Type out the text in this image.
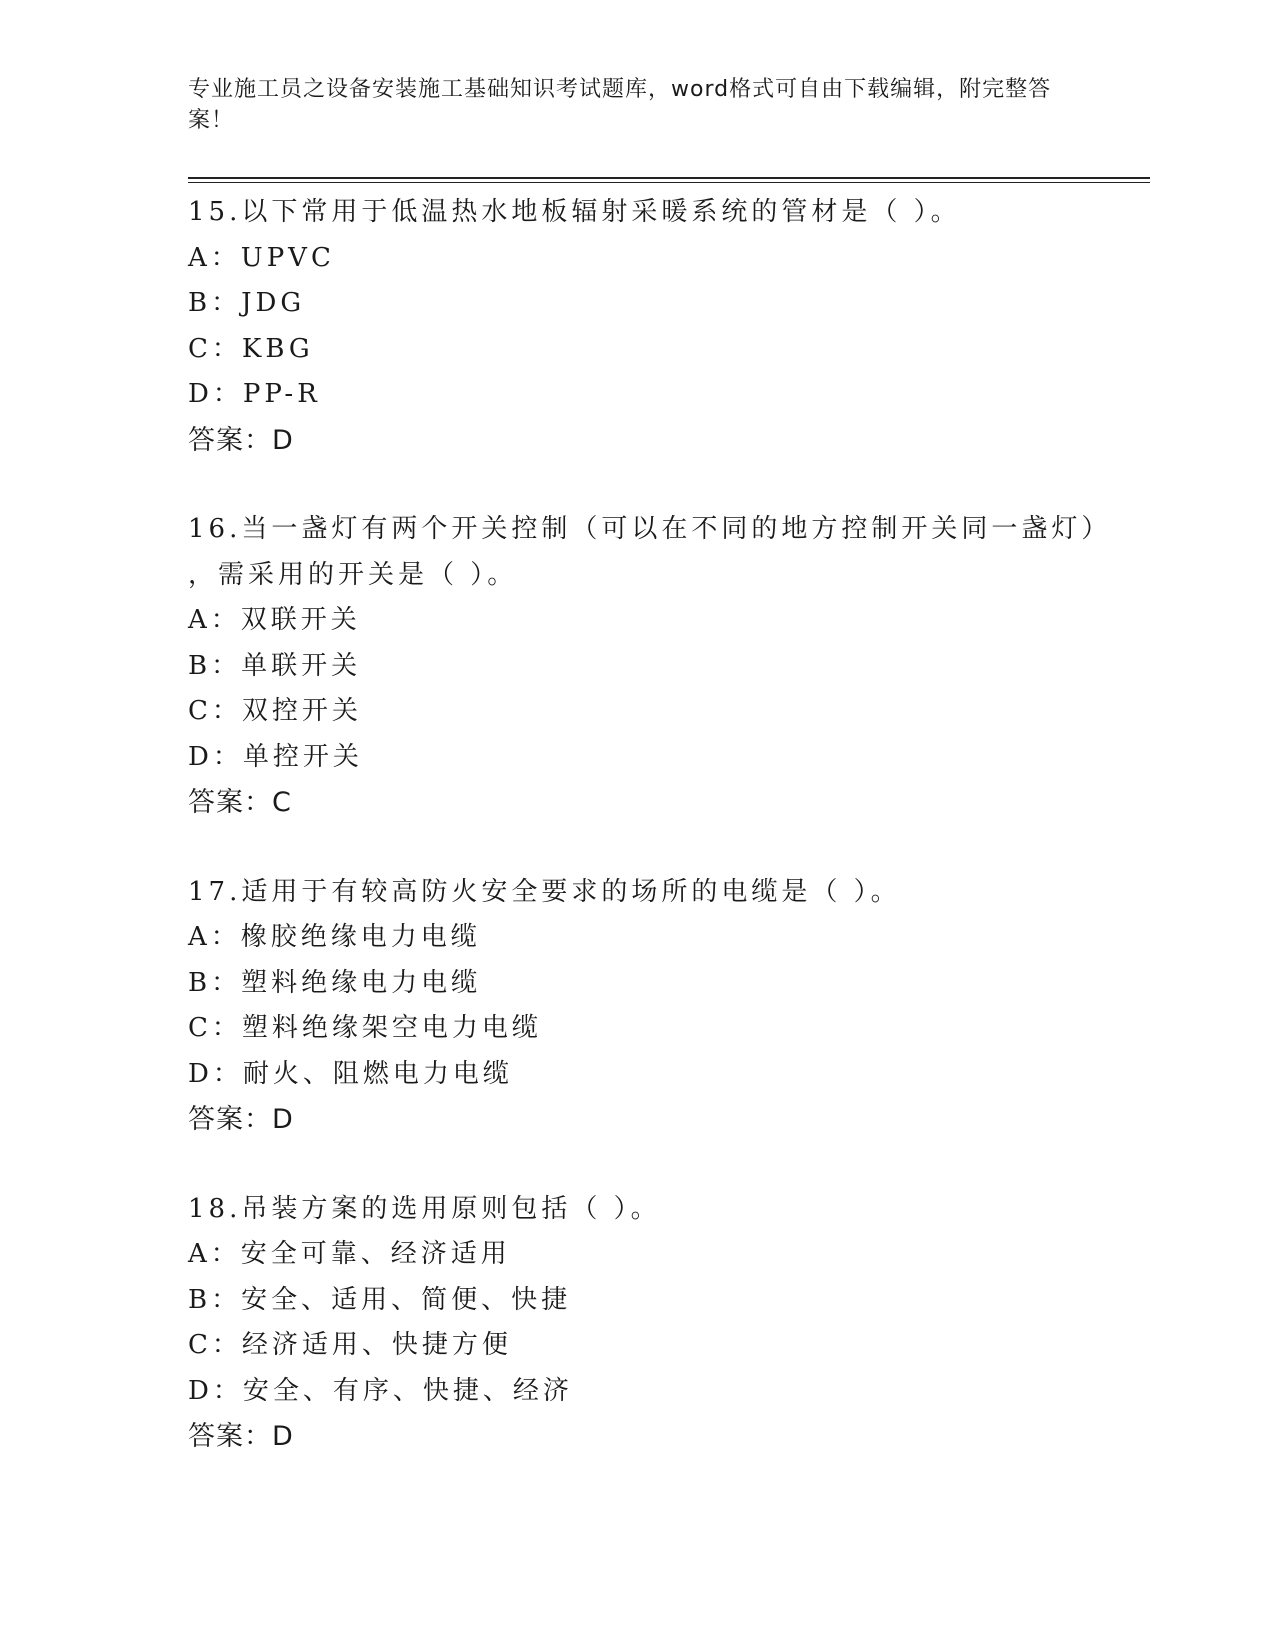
专业施工员之设备安装施工基础知识考试题库，word格式可自由下载编辑，附完整答案！
15.以下常用于低温热水地板辐射采暖系统的管材是（ ）。
A：UPVC
B：JDG
C：KBG
D：PP-R
答案：D
16.当一盏灯有两个开关控制（可以在不同的地方控制开关同一盏灯）
，需采用的开关是（ ）。
A：双联开关
B：单联开关
C：双控开关
D：单控开关
答案：C
17.适用于有较高防火安全要求的场所的电缆是（ ）。
A：橡胶绝缘电力电缆
B：塑料绝缘电力电缆
C：塑料绝缘架空电力电缆
D：耐火、阻燃电力电缆
答案：D
18.吊装方案的选用原则包括（ ）。
A：安全可靠、经济适用
B：安全、适用、简便、快捷
C：经济适用、快捷方便
D：安全、有序、快捷、经济
答案：D
